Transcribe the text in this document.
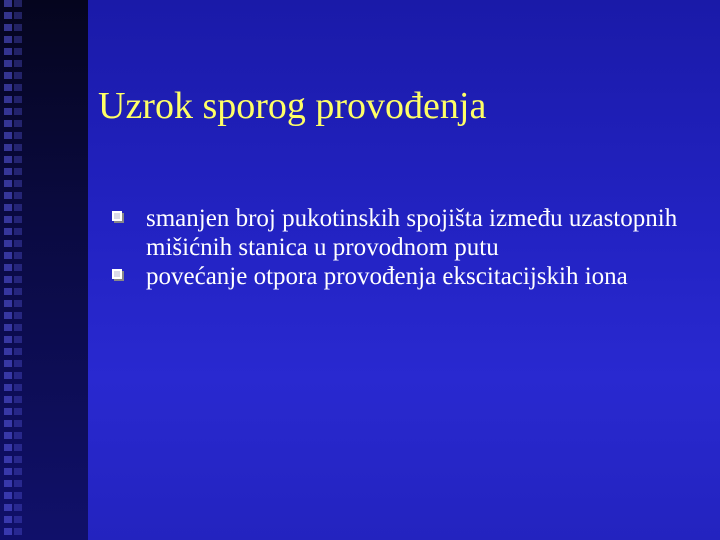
Uzrok sporog provođenja
smanjen broj pukotinskih spojišta između uzastopnih mišićnih stanica u provodnom putu
povećanje otpora provođenja ekscitacijskih iona
